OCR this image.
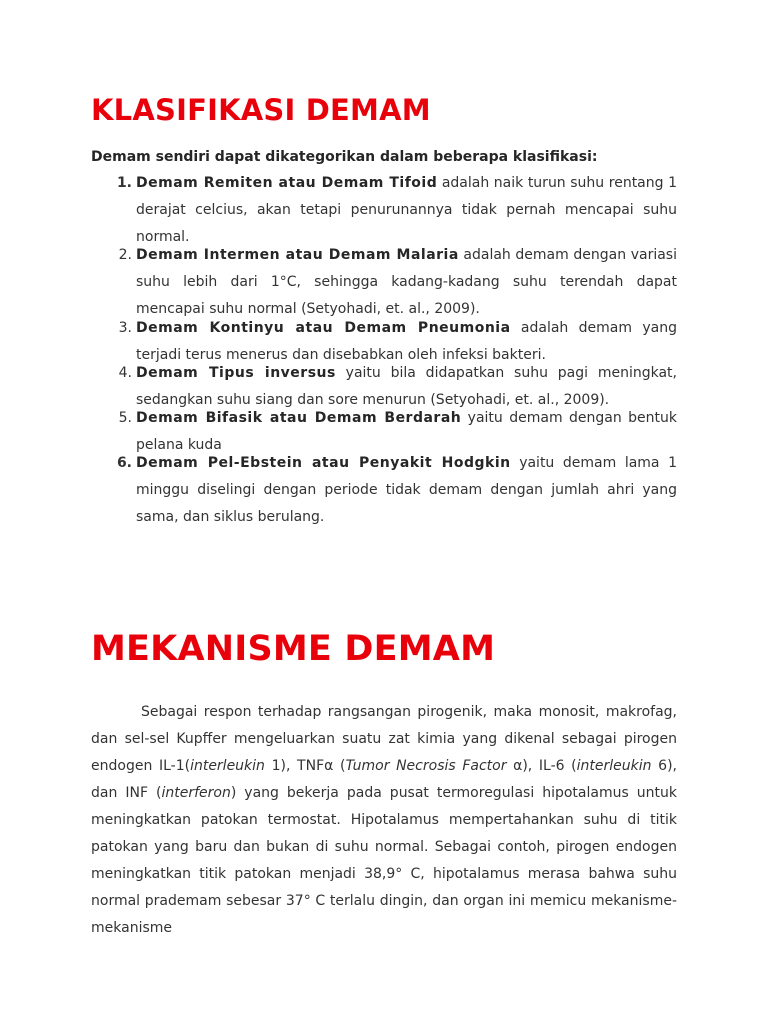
KLASIFIKASI DEMAM
Demam sendiri dapat dikategorikan dalam beberapa klasifikasi:
1. Demam Remiten atau Demam Tifoid adalah naik turun suhu rentang 1 derajat celcius, akan tetapi penurunannya tidak pernah mencapai suhu normal.
2. Demam Intermen atau Demam Malaria adalah demam dengan variasi suhu lebih dari 1°C, sehingga kadang-kadang suhu terendah dapat mencapai suhu normal (Setyohadi, et. al., 2009).
3. Demam Kontinyu atau Demam Pneumonia adalah demam yang terjadi terus menerus dan disebabkan oleh infeksi bakteri.
4. Demam Tipus inversus yaitu bila didapatkan suhu pagi meningkat, sedangkan suhu siang dan sore menurun (Setyohadi, et. al., 2009).
5. Demam Bifasik atau Demam Berdarah yaitu demam dengan bentuk pelana kuda
6. Demam Pel-Ebstein atau Penyakit Hodgkin yaitu demam lama 1 minggu diselingi dengan periode tidak demam dengan jumlah ahri yang sama, dan siklus berulang.
MEKANISME DEMAM

Sebagai respon terhadap rangsangan pirogenik, maka monosit, makrofag, dan sel-sel Kupffer mengeluarkan suatu zat kimia yang dikenal sebagai pirogen endogen IL-1(interleukin 1), TNFα (Tumor Necrosis Factor α), IL-6 (interleukin 6), dan INF (interferon) yang bekerja pada pusat termoregulasi hipotalamus untuk meningkatkan patokan termostat. Hipotalamus mempertahankan suhu di titik patokan yang baru dan bukan di suhu normal. Sebagai contoh, pirogen endogen meningkatkan titik patokan menjadi 38,9° C, hipotalamus merasa bahwa suhu normal prademam sebesar 37° C terlalu dingin, dan organ ini memicu mekanisme-mekanisme
